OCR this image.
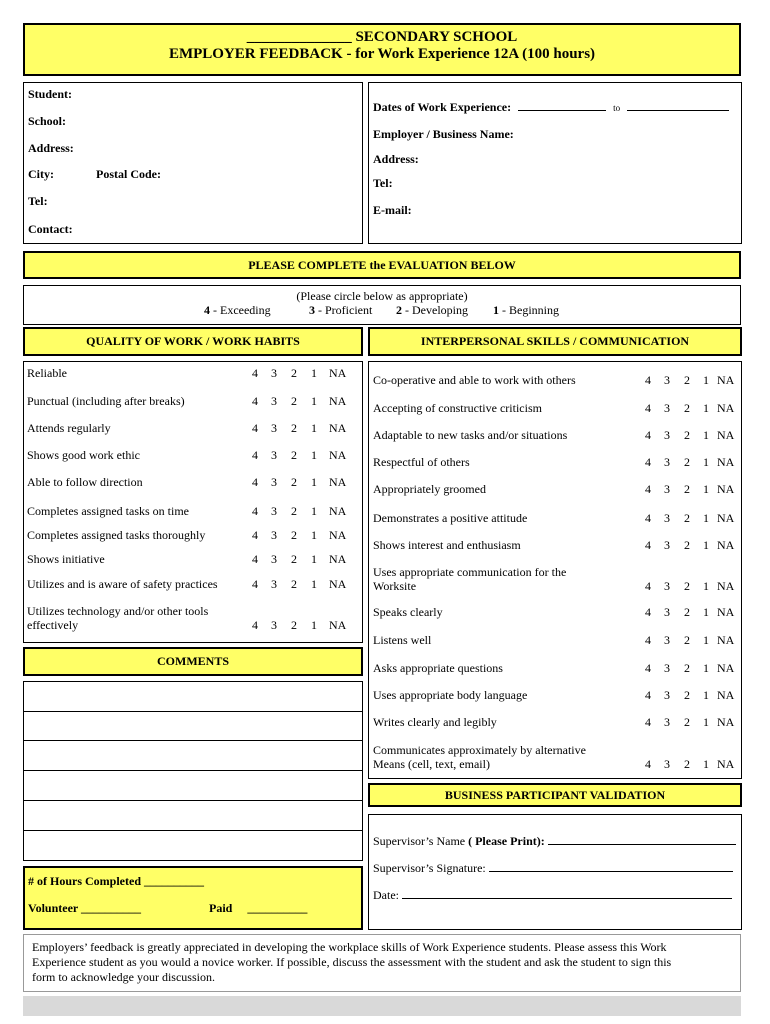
______________ SECONDARY SCHOOL
EMPLOYER FEEDBACK - for Work Experience 12A (100 hours)
Student:
School:
Address:
City:	Postal Code:
Tel:
Contact:
Dates of Work Experience:	to
Employer / Business Name:
Address:
Tel:
E-mail:
PLEASE COMPLETE the EVALUATION BELOW
(Please circle below as appropriate)
4 - Exceeding	3 - Proficient 2 - Developing 1 - Beginning
QUALITY OF WORK / WORK HABITS	INTERPERSONAL SKILLS / COMMUNICATION
Reliable	4 3 2 1 NA
Punctual (including after breaks)	4 3 2 1 NA
Attends regularly	4 3 2 1 NA
Shows good work ethic	4 3 2 1 NA
Able to follow direction	4 3 2 1 NA
Completes assigned tasks on time	4 3 2 1 NA
Completes assigned tasks thoroughly	4 3 2 1 NA
Shows initiative	4 3 2 1 NA
Utilizes and is aware of safety practices	4 3 2 1 NA
Utilizes technology and/or other tools
effectively	4 3 2 1 NA
Co-operative and able to work with others	4 3 2 1 NA
Accepting of constructive criticism	4 3 2 1 NA
Adaptable to new tasks and/or situations	4 3 2 1 NA
Respectful of others	4 3 2 1 NA
Appropriately groomed	4 3 2 1 NA
Demonstrates a positive attitude	4 3 2 1 NA
Shows interest and enthusiasm	4 3 2 1 NA
Uses appropriate communication for the
Worksite	4 3 2 1 NA
Speaks clearly	4 3 2 1 NA
Listens well	4 3 2 1 NA
Asks appropriate questions	4 3 2 1 NA
Uses appropriate body language	4 3 2 1 NA
Writes clearly and legibly	4 3 2 1 NA
Communicates approximately by alternative
Means (cell, text, email)	4 3 2 1 NA
COMMENTS
# of Hours Completed __________
Volunteer __________	Paid __________
BUSINESS PARTICIPANT VALIDATION
Supervisor’s Name ( Please Print):
Supervisor’s Signature:
Date:
Employers’ feedback is greatly appreciated in developing the workplace skills of Work Experience students. Please assess this Work
Experience student as you would a novice worker. If possible, discuss the assessment with the student and ask the student to sign this
form to acknowledge your discussion.
